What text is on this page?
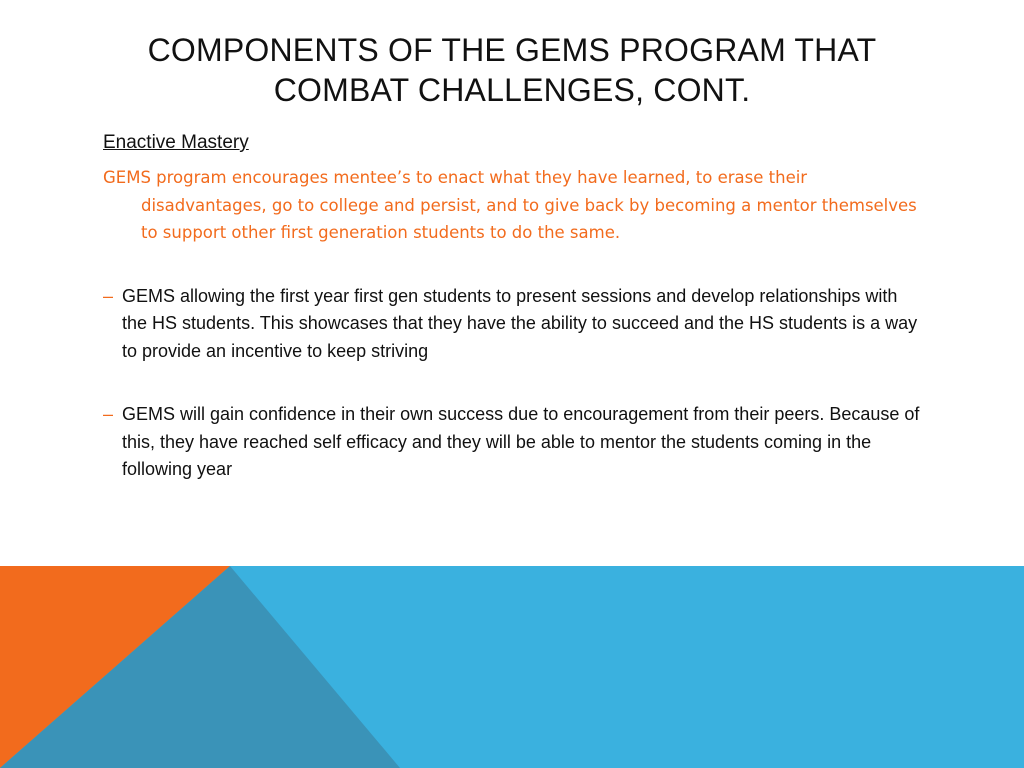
COMPONENTS OF THE GEMS PROGRAM THAT
COMBAT CHALLENGES, CONT.
Enactive Mastery

GEMS program encourages mentee’s to enact what they have learned, to erase their disadvantages, go to college and persist, and to give back by becoming a mentor themselves to support other first generation students to do the same.

– GEMS allowing the first year first gen students to present sessions and develop relationships with the HS students. This showcases that they have the ability to succeed and the HS students is a way to provide an incentive to keep striving
– GEMS will gain confidence in their own success due to encouragement from their peers. Because of this, they have reached self efficacy and they will be able to mentor the students coming in the following year
